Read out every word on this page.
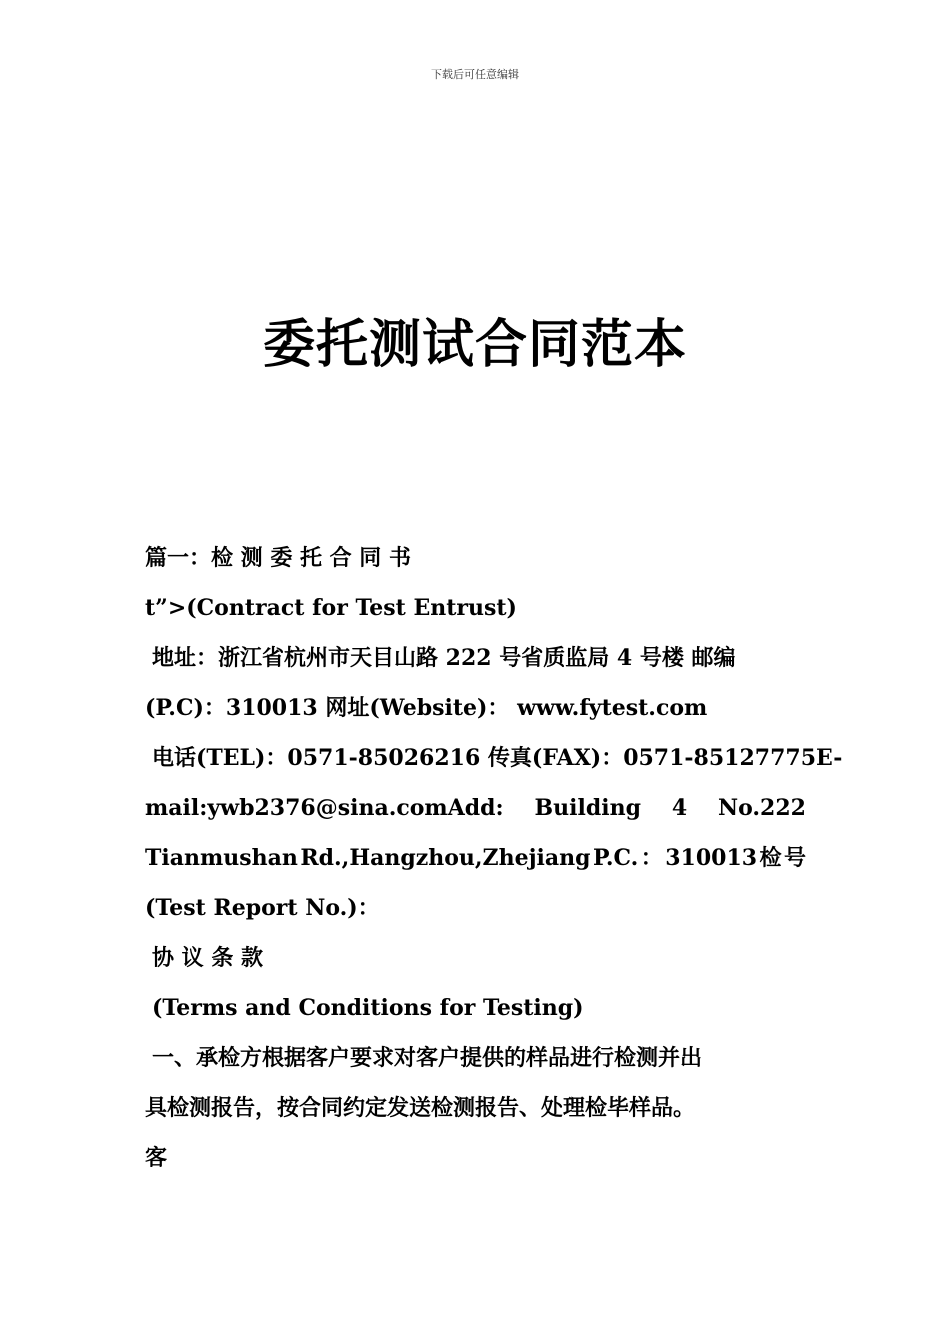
下载后可任意编辑
委托测试合同范本

篇一：检 测 委 托 合 同 书

t”>(Contract for Test Entrust)

地址：浙江省杭州市天目山路 222 号省质监局 4 号楼 邮编

(P.C)：310013 网址(Website)： www.fytest.com

电话(TEL)：0571-85026216 传真(FAX)：0571-85127775E-

mail:ywb2376@sina.comAdd: Building 4 No.222
Tianmushan Rd.,Hangzhou,Zhejiang P.C. ： 310013 检 号

(Test Report No.)：

协 议 条 款

(Terms and Conditions for Testing)

一、承检方根据客户要求对客户提供的样品进行检测并出

具检测报告，按合同约定发送检测报告、处理检毕样品。

客
